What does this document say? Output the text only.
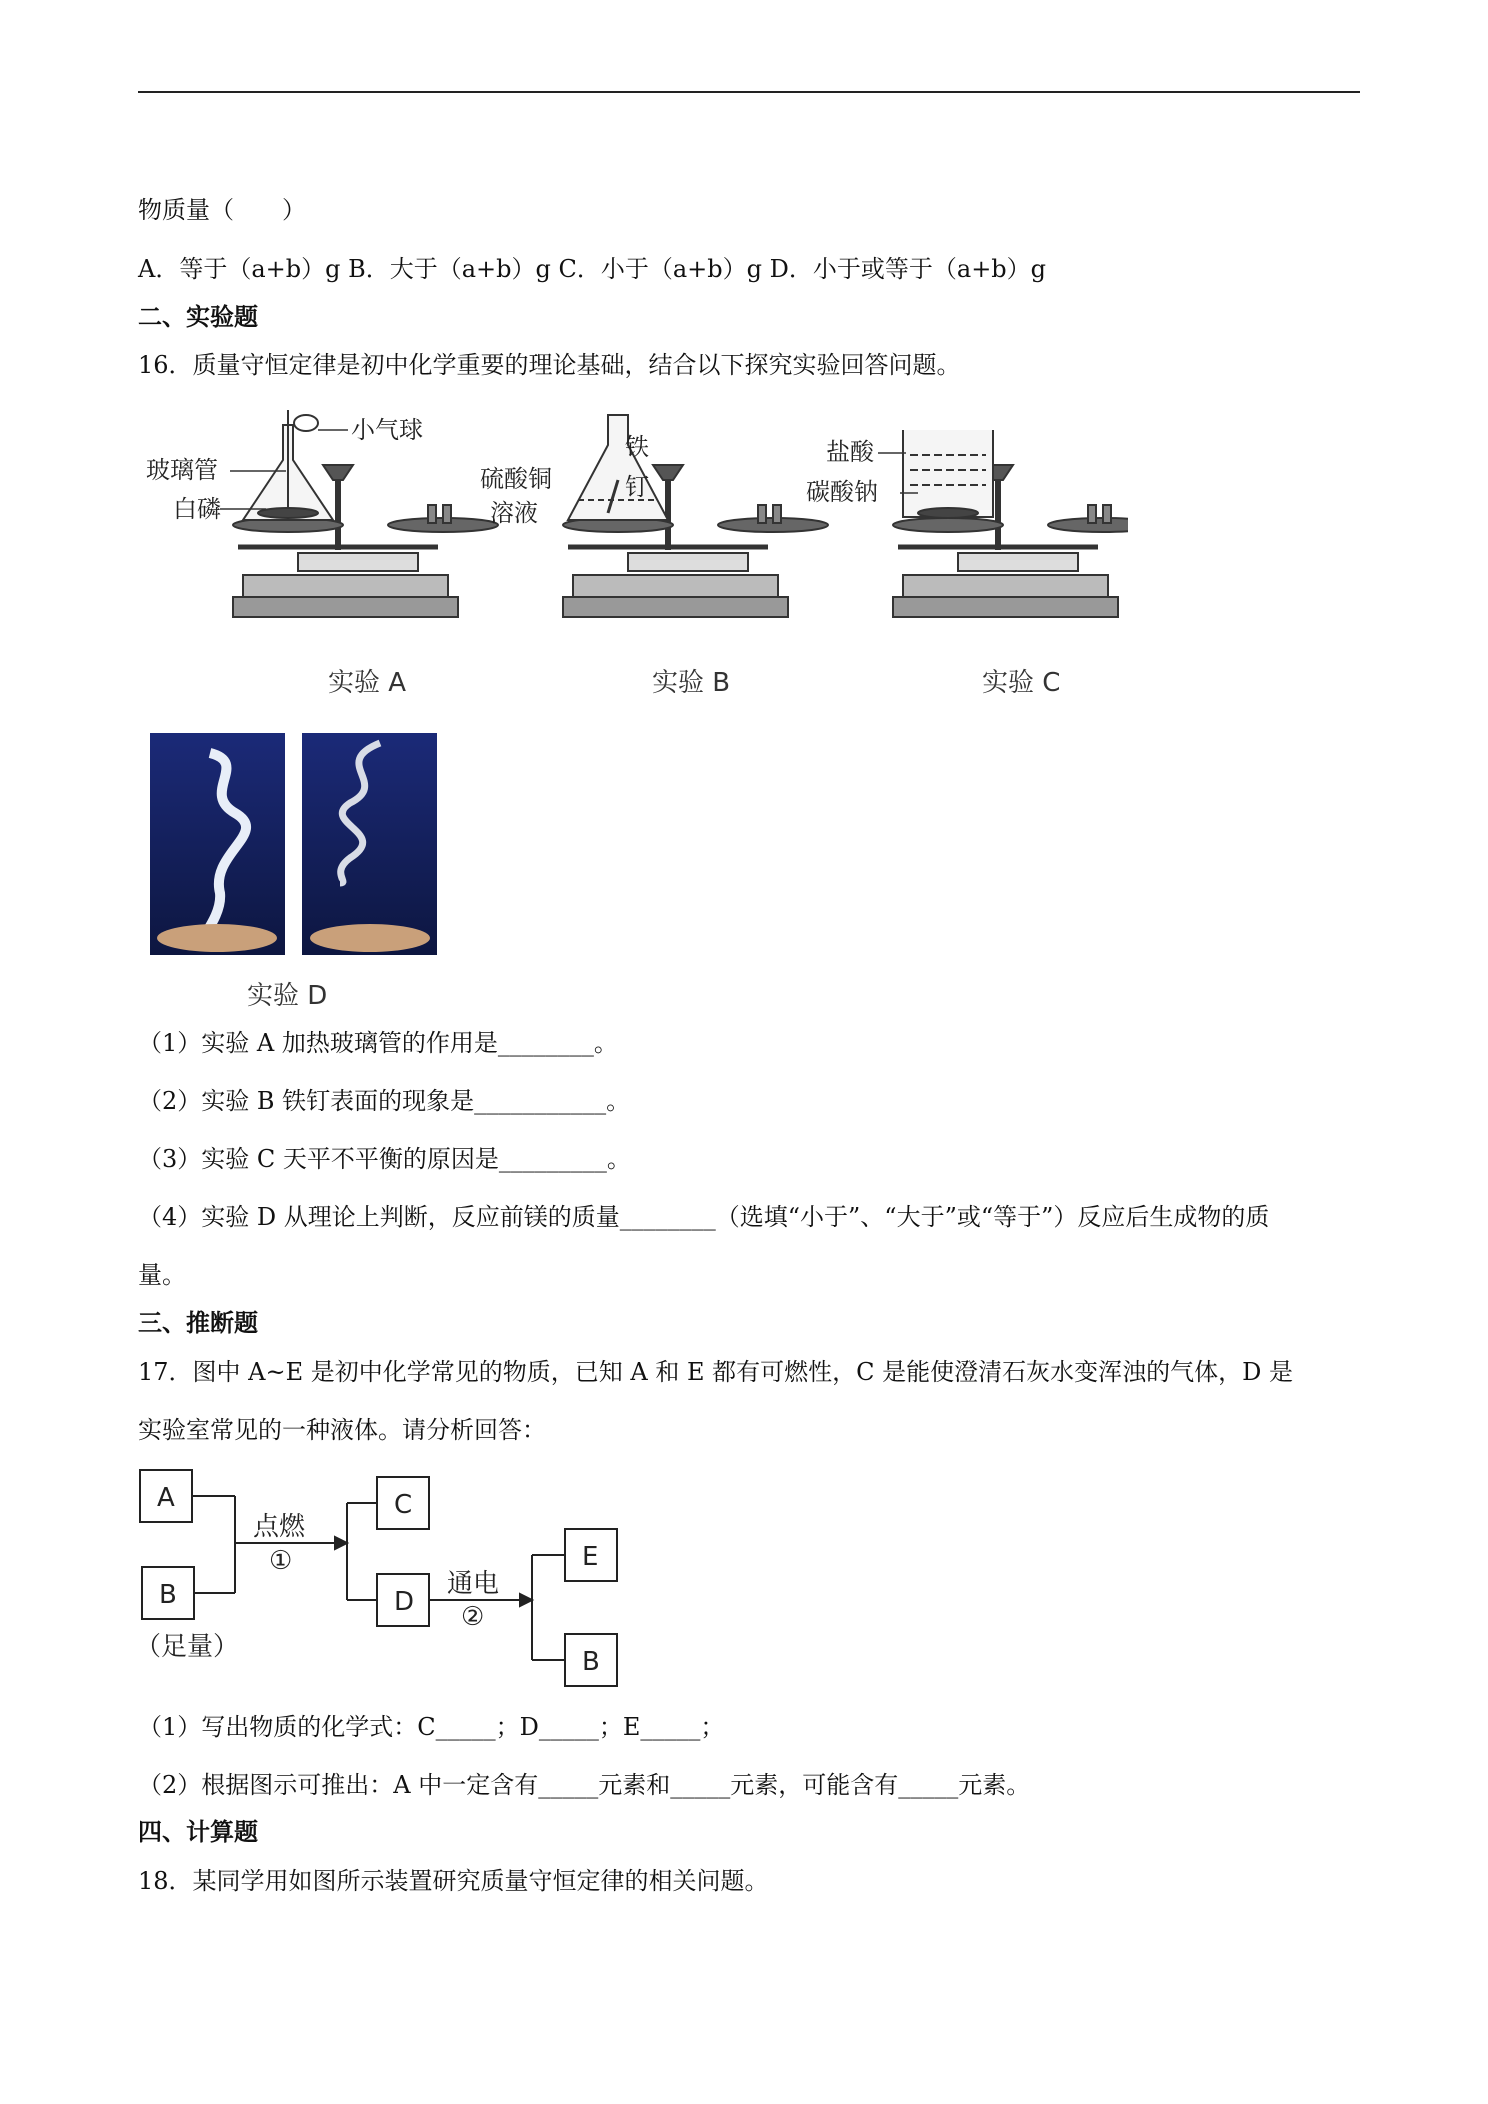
物质量（　　）
A．等于（a+b）g B．大于（a+b）g C．小于（a+b）g D．小于或等于（a+b）g
二、实验题
16．质量守恒定律是初中化学重要的理论基础，结合以下探究实验回答问题。
小气球
玻璃管
白磷
铁
钉
硫酸铜
溶液
盐酸
碳酸钠
实验 A	实验 B	实验 C
实验 D
（1）实验 A 加热玻璃管的作用是________。
（2）实验 B 铁钉表面的现象是___________。
（3）实验 C 天平不平衡的原因是_________。
（4）实验 D 从理论上判断，反应前镁的质量________（选填“小于”、“大于”或“等于”）反应后生成物的质
量。
三、推断题
17．图中 A~E 是初中化学常见的物质，已知 A 和 E 都有可燃性，C 是能使澄清石灰水变浑浊的气体，D 是
实验室常见的一种液体。请分析回答：
A
B
（足量）
点燃
①
C
D
通电
②
E
B
（1）写出物质的化学式：C_____；D_____；E_____；
（2）根据图示可推出：A 中一定含有_____元素和_____元素，可能含有_____元素。
四、计算题
18．某同学用如图所示装置研究质量守恒定律的相关问题。
